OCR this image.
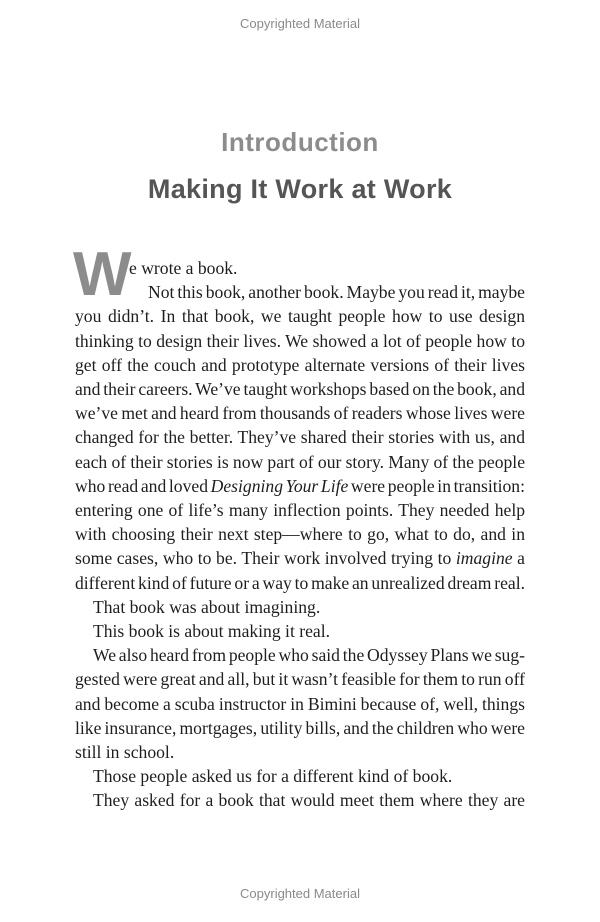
Copyrighted Material
Introduction
Making It Work at Work
W
e wrote a book.
Not this book, another book. Maybe you read it, maybe
you didn’t. In that book, we taught people how to use design
thinking to design their lives. We showed a lot of people how to
get off the couch and prototype alternate versions of their lives
and their careers. We’ve taught workshops based on the book, and
we’ve met and heard from thousands of readers whose lives were
changed for the better. They’ve shared their stories with us, and
each of their stories is now part of our story. Many of the people
who read and loved Designing Your Life were people in transition:
entering one of life’s many inflection points. They needed help
with choosing their next step—where to go, what to do, and in
some cases, who to be. Their work involved trying to imagine a
different kind of future or a way to make an unrealized dream real.
That book was about imagining.
This book is about making it real.
We also heard from people who said the Odyssey Plans we sug-
gested were great and all, but it wasn’t feasible for them to run off
and become a scuba instructor in Bimini because of, well, things
like insurance, mortgages, utility bills, and the children who were
still in school.
Those people asked us for a different kind of book.
They asked for a book that would meet them where they are
Copyrighted Material
